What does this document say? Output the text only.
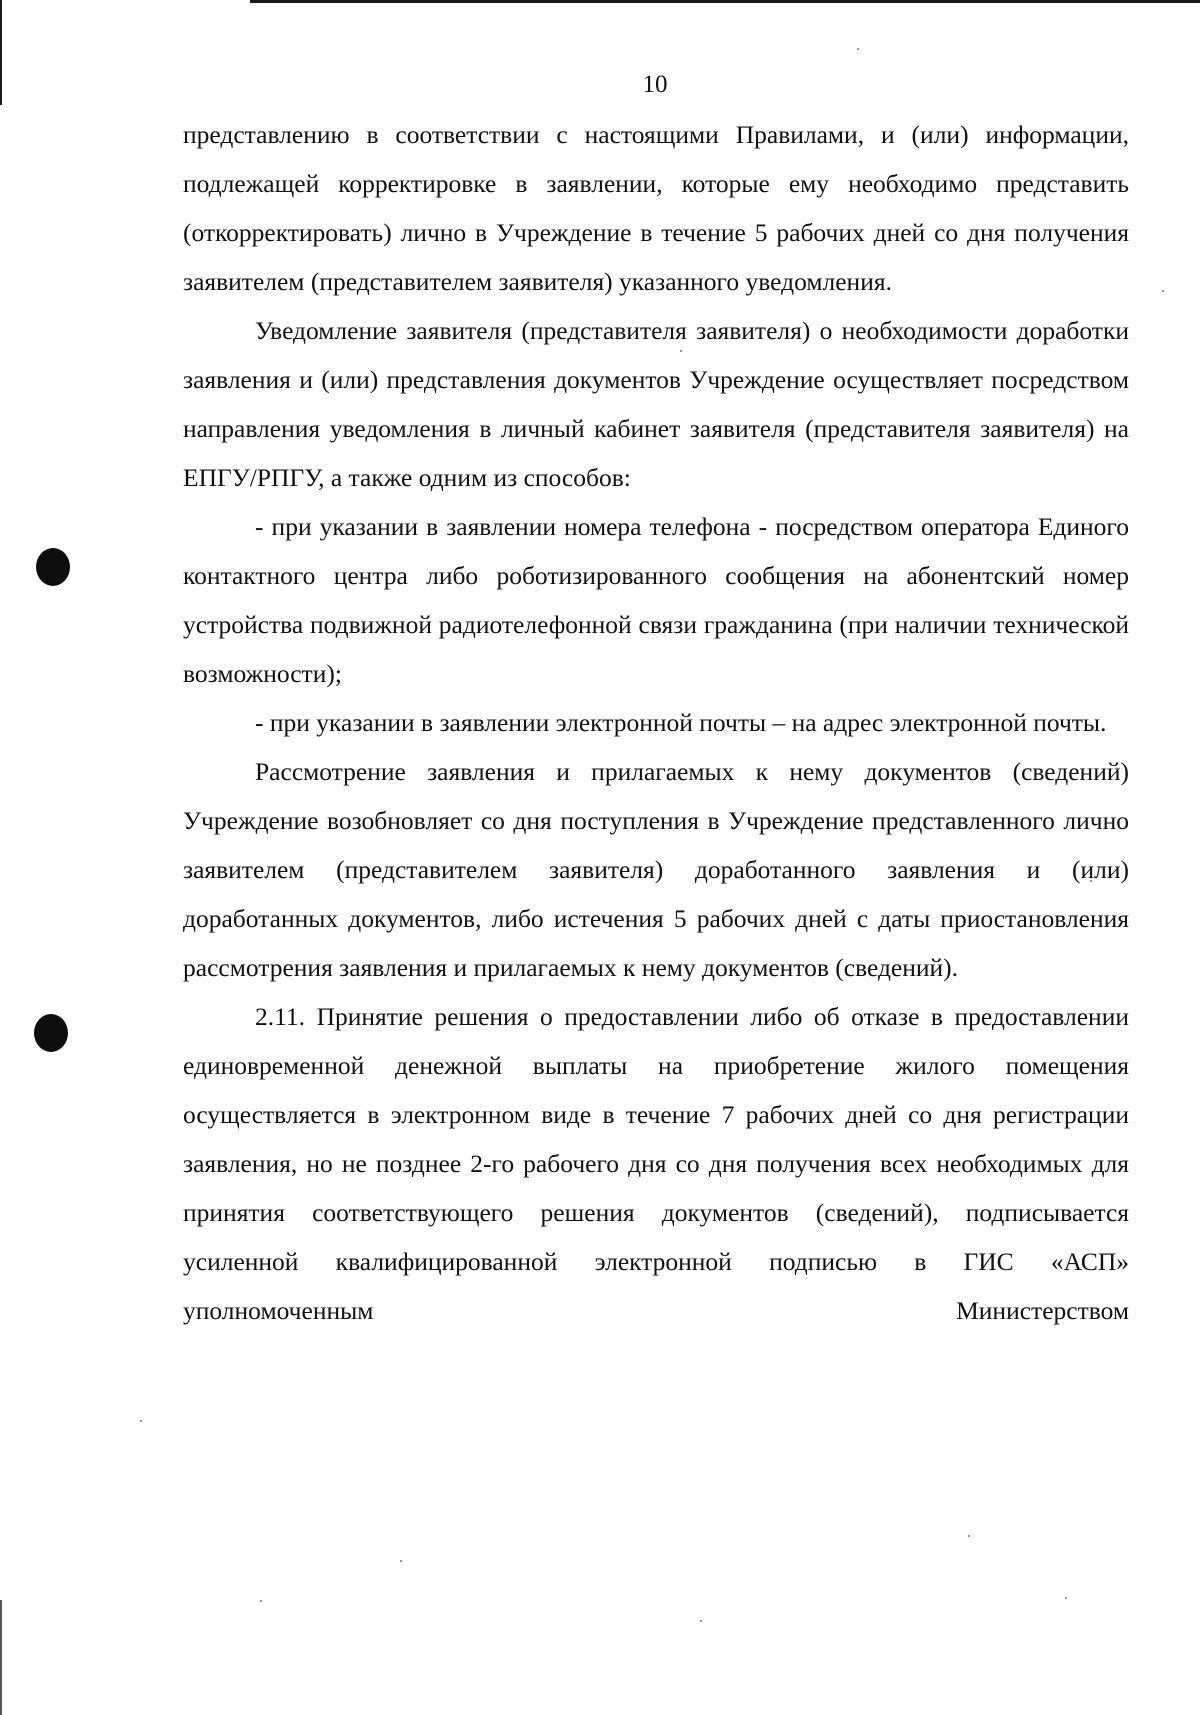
10

представлению в соответствии с настоящими Правилами, и (или) информации, подлежащей корректировке в заявлении, которые ему необходимо представить (откорректировать) лично в Учреждение в течение 5 рабочих дней со дня получения заявителем (представителем заявителя) указанного уведомления.

Уведомление заявителя (представителя заявителя) о необходимости доработки заявления и (или) представления документов Учреждение осуществляет посредством направления уведомления в личный кабинет заявителя (представителя заявителя) на ЕПГУ/РПГУ, а также одним из способов:

- при указании в заявлении номера телефона - посредством оператора Единого контактного центра либо роботизированного сообщения на абонентский номер устройства подвижной радиотелефонной связи гражданина (при наличии технической возможности);

- при указании в заявлении электронной почты – на адрес электронной почты.

Рассмотрение заявления и прилагаемых к нему документов (сведений) Учреждение возобновляет со дня поступления в Учреждение представленного лично заявителем (представителем заявителя) доработанного заявления и (или) доработанных документов, либо истечения 5 рабочих дней с даты приостановления рассмотрения заявления и прилагаемых к нему документов (сведений).

2.11. Принятие решения о предоставлении либо об отказе в предоставлении единовременной денежной выплаты на приобретение жилого помещения осуществляется в электронном виде в течение 7 рабочих дней со дня регистрации заявления, но не позднее 2-го рабочего дня со дня получения всех необходимых для принятия соответствующего решения документов (сведений), подписывается усиленной квалифицированной электронной подписью в ГИС «АСП» уполномоченным Министерством
